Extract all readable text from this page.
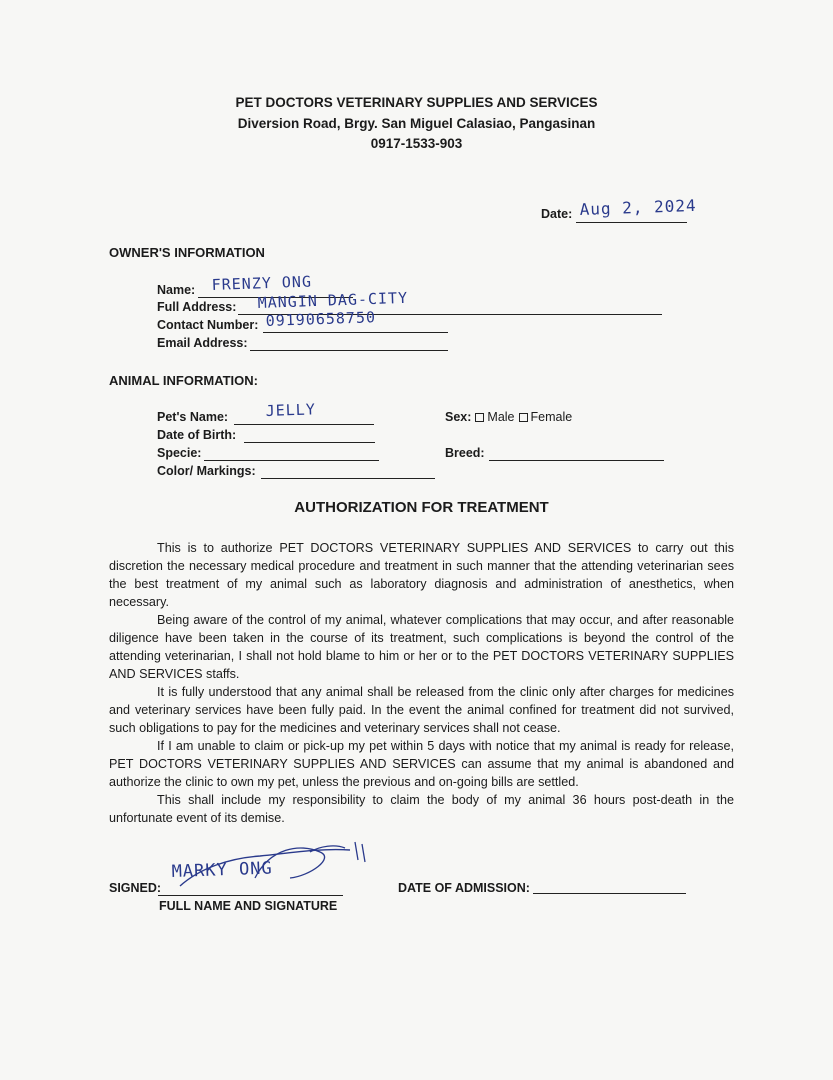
PET DOCTORS VETERINARY SUPPLIES AND SERVICES
Diversion Road, Brgy. San Miguel Calasiao, Pangasinan
0917-1533-903
Date: Aug 2, 2024
OWNER'S INFORMATION
Name: FRENZY ONG
Full Address: MANGIN DAG-CITY
Contact Number: 09190658750
Email Address:
ANIMAL INFORMATION:
Pet's Name: JELLY
Date of Birth:
Specie:
Color/ Markings:
Sex: Male Female
Breed:
AUTHORIZATION FOR TREATMENT
This is to authorize PET DOCTORS VETERINARY SUPPLIES AND SERVICES to carry out this discretion the necessary medical procedure and treatment in such manner that the attending veterinarian sees the best treatment of my animal such as laboratory diagnosis and administration of anesthetics, when necessary.
Being aware of the control of my animal, whatever complications that may occur, and after reasonable diligence have been taken in the course of its treatment, such complications is beyond the control of the attending veterinarian, I shall not hold blame to him or her or to the PET DOCTORS VETERINARY SUPPLIES AND SERVICES staffs.
It is fully understood that any animal shall be released from the clinic only after charges for medicines and veterinary services have been fully paid. In the event the animal confined for treatment did not survived, such obligations to pay for the medicines and veterinary services shall not cease.
If I am unable to claim or pick-up my pet within 5 days with notice that my animal is ready for release, PET DOCTORS VETERINARY SUPPLIES AND SERVICES can assume that my animal is abandoned and authorize the clinic to own my pet, unless the previous and on-going bills are settled.
This shall include my responsibility to claim the body of my animal 36 hours post-death in the unfortunate event of its demise.
SIGNED:
FULL NAME AND SIGNATURE
MARKY ONG
DATE OF ADMISSION:
